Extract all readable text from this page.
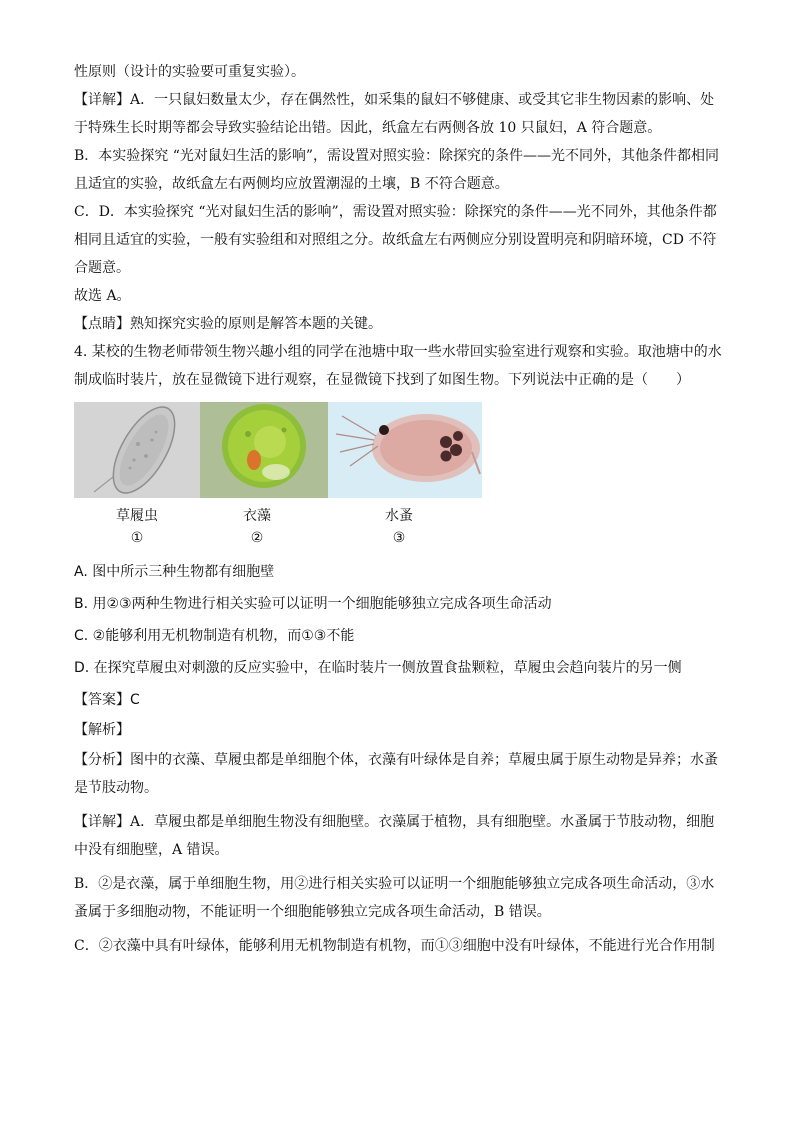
性原则（设计的实验要可重复实验）。

【详解】A．一只鼠妇数量太少，存在偶然性，如采集的鼠妇不够健康、或受其它非生物因素的影响、处

于特殊生长时期等都会导致实验结论出错。因此，纸盒左右两侧各放 10 只鼠妇，A 符合题意。

B．本实验探究 “光对鼠妇生活的影响”，需设置对照实验：除探究的条件——光不同外，其他条件都相同

且适宜的实验，故纸盒左右两侧均应放置潮湿的土壤，B 不符合题意。

C．D．本实验探究 “光对鼠妇生活的影响”，需设置对照实验：除探究的条件——光不同外，其他条件都

相同且适宜的实验，一般有实验组和对照组之分。故纸盒左右两侧应分别设置明亮和阴暗环境，CD 不符

合题意。

故选 A。

【点睛】熟知探究实验的原则是解答本题的关键。

4. 某校的生物老师带领生物兴趣小组的同学在池塘中取一些水带回实验室进行观察和实验。取池塘中的水

制成临时装片，放在显微镜下进行观察，在显微镜下找到了如图生物。下列说法中正确的是（　　）

草履虫	衣藻	水蚤
①	②	③

A. 图中所示三种生物都有细胞壁

B. 用②③两种生物进行相关实验可以证明一个细胞能够独立完成各项生命活动

C. ②能够利用无机物制造有机物，而①③不能

D. 在探究草履虫对刺激的反应实验中，在临时装片一侧放置食盐颗粒，草履虫会趋向装片的另一侧

【答案】C

【解析】

【分析】图中的衣藻、草履虫都是单细胞个体，衣藻有叶绿体是自养；草履虫属于原生动物是异养；水蚤

是节肢动物。

【详解】A．草履虫都是单细胞生物没有细胞壁。衣藻属于植物，具有细胞壁。水蚤属于节肢动物，细胞

中没有细胞壁，A 错误。

B．②是衣藻，属于单细胞生物，用②进行相关实验可以证明一个细胞能够独立完成各项生命活动，③水

蚤属于多细胞动物，不能证明一个细胞能够独立完成各项生命活动，B 错误。

C．②衣藻中具有叶绿体，能够利用无机物制造有机物，而①③细胞中没有叶绿体，不能进行光合作用制
